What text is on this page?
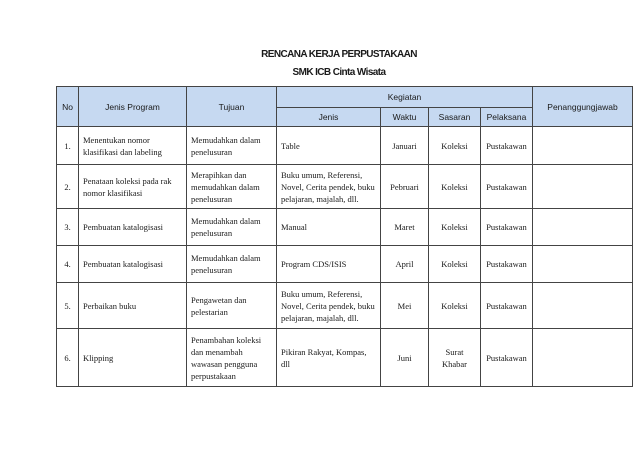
RENCANA KERJA PERPUSTAKAAN
SMK ICB Cinta Wisata
No	Jenis Program	Tujuan	Kegiatan				Penanggungjawab
			Jenis	Waktu	Sasaran	Pelaksana	
1.	Menentukan nomor klasifikasi dan labeling	Memudahkan dalam penelusuran	Table	Januari	Koleksi	Pustakawan	
2.	Penataan koleksi pada rak nomor klasifikasi	Merapihkan dan memudahkan dalam penelusuran	Buku umum, Referensi, Novel, Cerita pendek, buku pelajaran, majalah, dll.	Pebruari	Koleksi	Pustakawan	
3.	Pembuatan katalogisasi	Memudahkan dalam penelusuran	Manual	Maret	Koleksi	Pustakawan	
4.	Pembuatan katalogisasi	Memudahkan dalam penelusuran	Program CDS/ISIS	April	Koleksi	Pustakawan	
5.	Perbaikan buku	Pengawetan dan pelestarian	Buku umum, Referensi, Novel, Cerita pendek, buku pelajaran, majalah, dll.	Mei	Koleksi	Pustakawan	
6.	Klipping	Penambahan koleksi dan menambah wawasan pengguna perpustakaan	Pikiran Rakyat, Kompas, dll	Juni	Surat Khabar	Pustakawan	
